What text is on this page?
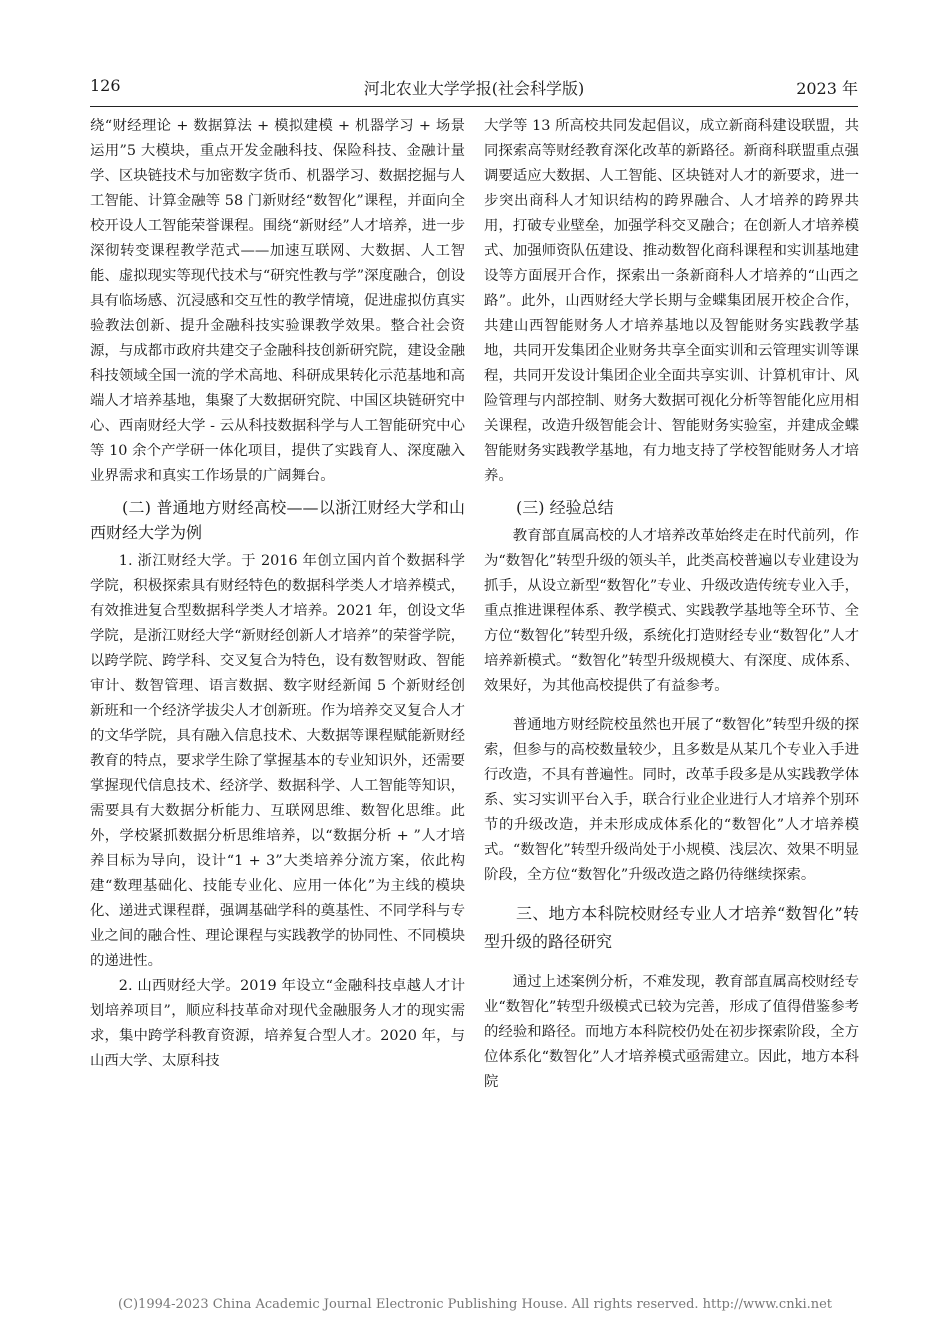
126	河北农业大学学报(社会科学版)	2023 年

绕“财经理论 + 数据算法 + 模拟建模 + 机器学习 + 场景运用”5 大模块，重点开发金融科技、保险科技、金融计量学、区块链技术与加密数字货币、机器学习、数据挖掘与人工智能、计算金融等 58 门新财经“数智化”课程，并面向全校开设人工智能荣誉课程。围绕“新财经”人才培养，进一步深彻转变课程教学范式——加速互联网、大数据、人工智能、虚拟现实等现代技术与“研究性教与学”深度融合，创设具有临场感、沉浸感和交互性的教学情境，促进虚拟仿真实验教法创新、提升金融科技实验课教学效果。整合社会资源，与成都市政府共建交子金融科技创新研究院，建设金融科技领域全国一流的学术高地、科研成果转化示范基地和高端人才培养基地，集聚了大数据研究院、中国区块链研究中心、西南财经大学 - 云从科技数据科学与人工智能研究中心等 10 余个产学研一体化项目，提供了实践育人、深度融入业界需求和真实工作场景的广阔舞台。

(二) 普通地方财经高校——以浙江财经大学和山西财经大学为例

1. 浙江财经大学。于 2016 年创立国内首个数据科学学院，积极探索具有财经特色的数据科学类人才培养模式，有效推进复合型数据科学类人才培养。2021 年，创设文华学院，是浙江财经大学“新财经创新人才培养”的荣誉学院，以跨学院、跨学科、交叉复合为特色，设有数智财政、智能审计、数智管理、语言数据、数字财经新闻 5 个新财经创新班和一个经济学拔尖人才创新班。作为培养交叉复合人才的文华学院，具有融入信息技术、大数据等课程赋能新财经教育的特点，要求学生除了掌握基本的专业知识外，还需要掌握现代信息技术、经济学、数据科学、人工智能等知识，需要具有大数据分析能力、互联网思维、数智化思维。此外，学校紧抓数据分析思维培养，以“数据分析 + ”人才培养目标为导向，设计“1 + 3”大类培养分流方案，依此构建“数理基础化、技能专业化、应用一体化”为主线的模块化、递进式课程群，强调基础学科的奠基性、不同学科与专业之间的融合性、理论课程与实践教学的协同性、不同模块的递进性。

2. 山西财经大学。2019 年设立“金融科技卓越人才计划培养项目”，顺应科技革命对现代金融服务人才的现实需求，集中跨学科教育资源，培养复合型人才。2020 年，与山西大学、太原科技

大学等 13 所高校共同发起倡议，成立新商科建设联盟，共同探索高等财经教育深化改革的新路径。新商科联盟重点强调要适应大数据、人工智能、区块链对人才的新要求，进一步突出商科人才知识结构的跨界融合、人才培养的跨界共用，打破专业壁垒，加强学科交叉融合；在创新人才培养模式、加强师资队伍建设、推动数智化商科课程和实训基地建设等方面展开合作，探索出一条新商科人才培养的“山西之路”。此外，山西财经大学长期与金蝶集团展开校企合作，共建山西智能财务人才培养基地以及智能财务实践教学基地，共同开发集团企业财务共享全面实训和云管理实训等课程，共同开发设计集团企业全面共享实训、计算机审计、风险管理与内部控制、财务大数据可视化分析等智能化应用相关课程，改造升级智能会计、智能财务实验室，并建成金蝶智能财务实践教学基地，有力地支持了学校智能财务人才培养。

(三) 经验总结

教育部直属高校的人才培养改革始终走在时代前列，作为“数智化”转型升级的领头羊，此类高校普遍以专业建设为抓手，从设立新型“数智化”专业、升级改造传统专业入手，重点推进课程体系、教学模式、实践教学基地等全环节、全方位“数智化”转型升级，系统化打造财经专业“数智化”人才培养新模式。“数智化”转型升级规模大、有深度、成体系、效果好，为其他高校提供了有益参考。

普通地方财经院校虽然也开展了“数智化”转型升级的探索，但参与的高校数量较少，且多数是从某几个专业入手进行改造，不具有普遍性。同时，改革手段多是从实践教学体系、实习实训平台入手，联合行业企业进行人才培养个别环节的升级改造，并未形成成体系化的“数智化”人才培养模式。“数智化”转型升级尚处于小规模、浅层次、效果不明显阶段，全方位“数智化”升级改造之路仍待继续探索。

三、地方本科院校财经专业人才培养“数智化”转型升级的路径研究

通过上述案例分析，不难发现，教育部直属高校财经专业“数智化”转型升级模式已较为完善，形成了值得借鉴参考的经验和路径。而地方本科院校仍处在初步探索阶段，全方位体系化“数智化”人才培养模式亟需建立。因此，地方本科院

(C)1994-2023 China Academic Journal Electronic Publishing House. All rights reserved. http://www.cnki.net
